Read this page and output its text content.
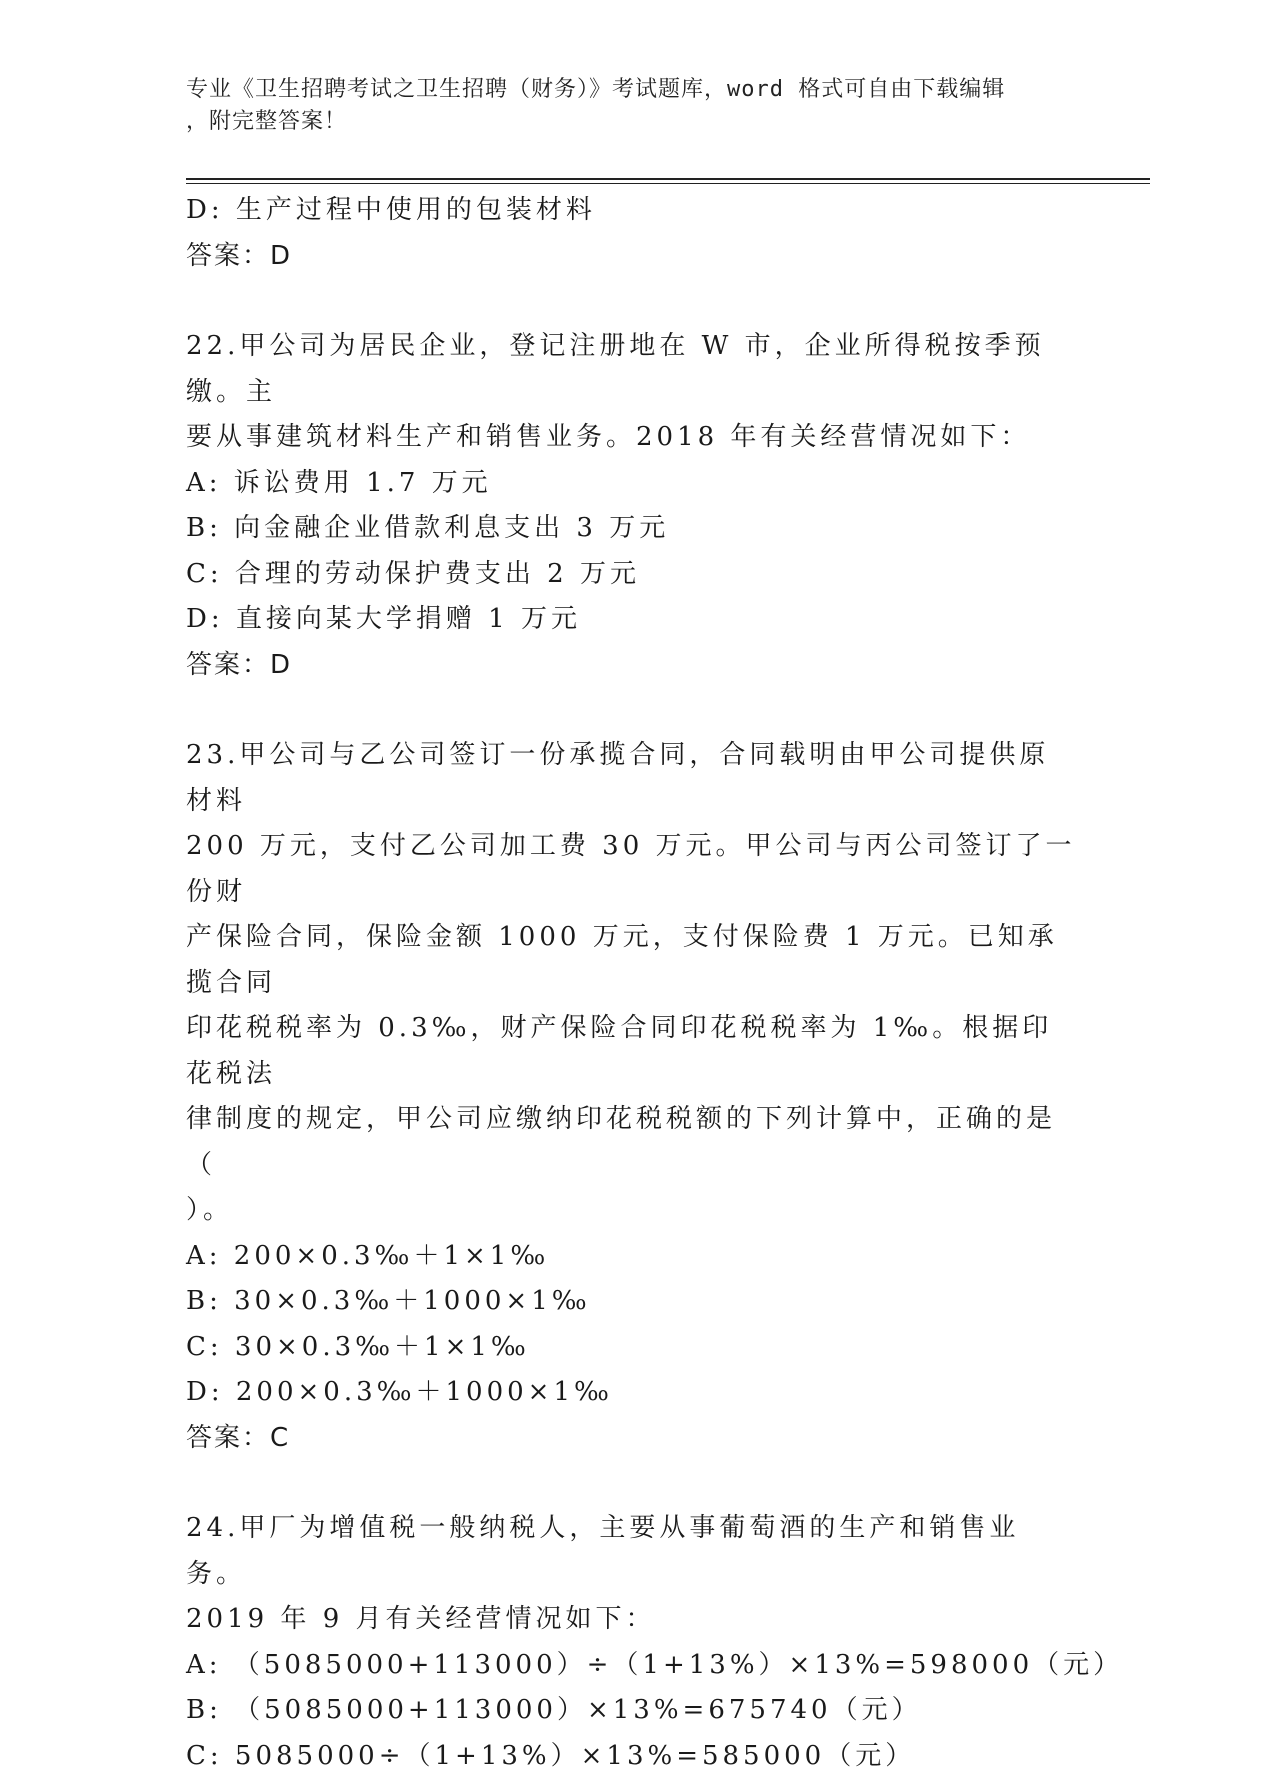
专业《卫生招聘考试之卫生招聘（财务）》考试题库，word 格式可自由下载编辑
，附完整答案！
D: 生产过程中使用的包装材料
答案：D
22.甲公司为居民企业，登记注册地在 W 市，企业所得税按季预缴。主
要从事建筑材料生产和销售业务。2018 年有关经营情况如下：
A: 诉讼费用 1.7 万元
B: 向金融企业借款利息支出 3 万元
C: 合理的劳动保护费支出 2 万元
D: 直接向某大学捐赠 1 万元
答案：D
23.甲公司与乙公司签订一份承揽合同，合同载明由甲公司提供原材料
200 万元，支付乙公司加工费 30 万元。甲公司与丙公司签订了一份财
产保险合同，保险金额 1000 万元，支付保险费 1 万元。已知承揽合同
印花税税率为 0.3‰，财产保险合同印花税税率为 1‰。根据印花税法
律制度的规定，甲公司应缴纳印花税税额的下列计算中，正确的是（
）。
A: 200×0.3‰＋1×1‰
B: 30×0.3‰＋1000×1‰
C: 30×0.3‰＋1×1‰
D: 200×0.3‰＋1000×1‰
答案：C
24.甲厂为增值税一般纳税人，主要从事葡萄酒的生产和销售业务。
2019 年 9 月有关经营情况如下：
A: （5085000+113000）÷（1+13%）×13%=598000（元）
B: （5085000+113000）×13%=675740（元）
C: 5085000÷（1+13%）×13%=585000（元）
